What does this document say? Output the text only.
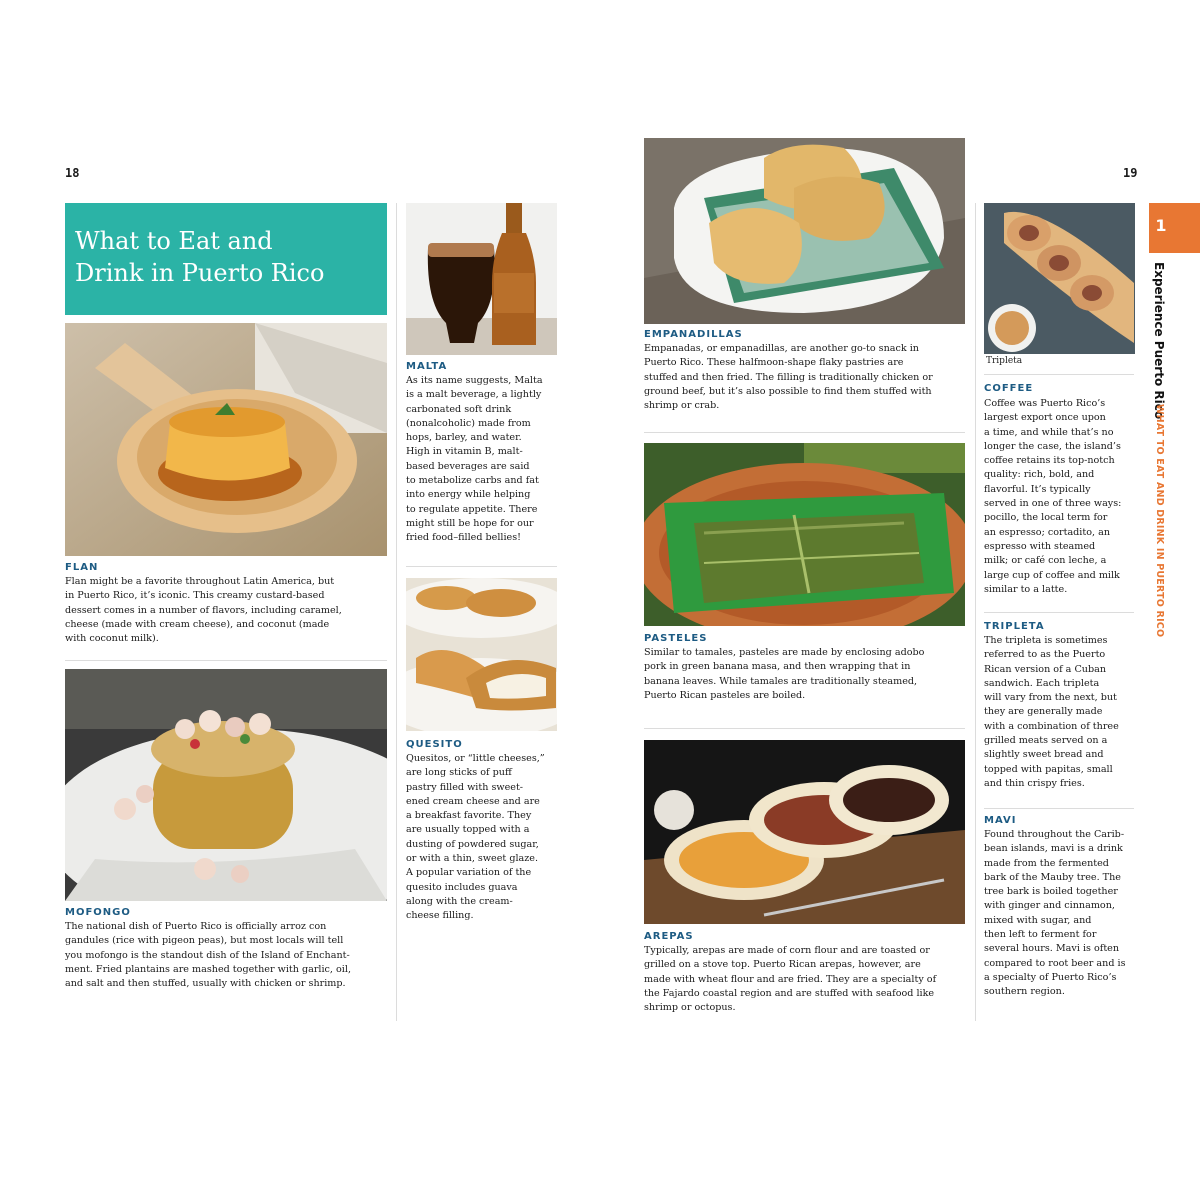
18	19
What to Eat and
Drink in Puerto Rico
1
Experience Puerto Rico
WHAT TO EAT AND DRINK IN PUERTO RICO
Tripleta
FLAN
Flan might be a favorite throughout Latin America, but
in Puerto Rico, it’s iconic. This creamy custard-based
dessert comes in a number of flavors, including caramel,
cheese (made with cream cheese), and coconut (made
with coconut milk).
MOFONGO
The national dish of Puerto Rico is officially arroz con
gandules (rice with pigeon peas), but most locals will tell
you mofongo is the standout dish of the Island of Enchant-
ment. Fried plantains are mashed together with garlic, oil,
and salt and then stuffed, usually with chicken or shrimp.
MALTA
As its name suggests, Malta
is a malt beverage, a lightly
carbonated soft drink
(nonalcoholic) made from
hops, barley, and water.
High in vitamin B, malt-
based beverages are said
to metabolize carbs and fat
into energy while helping
to regulate appetite. There
might still be hope for our
fried food–filled bellies!
QUESITO
Quesitos, or “little cheeses,”
are long sticks of puff
pastry filled with sweet-
ened cream cheese and are
a breakfast favorite. They
are usually topped with a
dusting of powdered sugar,
or with a thin, sweet glaze.
A popular variation of the
quesito includes guava
along with the cream-
cheese filling.
EMPANADILLAS
Empanadas, or empanadillas, are another go-to snack in
Puerto Rico. These halfmoon-shape flaky pastries are
stuffed and then fried. The filling is traditionally chicken or
ground beef, but it’s also possible to find them stuffed with
shrimp or crab.
PASTELES
Similar to tamales, pasteles are made by enclosing adobo
pork in green banana masa, and then wrapping that in
banana leaves. While tamales are traditionally steamed,
Puerto Rican pasteles are boiled.
AREPAS
Typically, arepas are made of corn flour and are toasted or
grilled on a stove top. Puerto Rican arepas, however, are
made with wheat flour and are fried. They are a specialty of
the Fajardo coastal region and are stuffed with seafood like
shrimp or octopus.
COFFEE
Coffee was Puerto Rico’s
largest export once upon
a time, and while that’s no
longer the case, the island’s
coffee retains its top-notch
quality: rich, bold, and
flavorful. It’s typically
served in one of three ways:
pocillo, the local term for
an espresso; cortadito, an
espresso with steamed
milk; or café con leche, a
large cup of coffee and milk
similar to a latte.
TRIPLETA
The tripleta is sometimes
referred to as the Puerto
Rican version of a Cuban
sandwich. Each tripleta
will vary from the next, but
they are generally made
with a combination of three
grilled meats served on a
slightly sweet bread and
topped with papitas, small
and thin crispy fries.
MAVI
Found throughout the Carib-
bean islands, mavi is a drink
made from the fermented
bark of the Mauby tree. The
tree bark is boiled together
with ginger and cinnamon,
mixed with sugar, and
then left to ferment for
several hours. Mavi is often
compared to root beer and is
a specialty of Puerto Rico’s
southern region.
